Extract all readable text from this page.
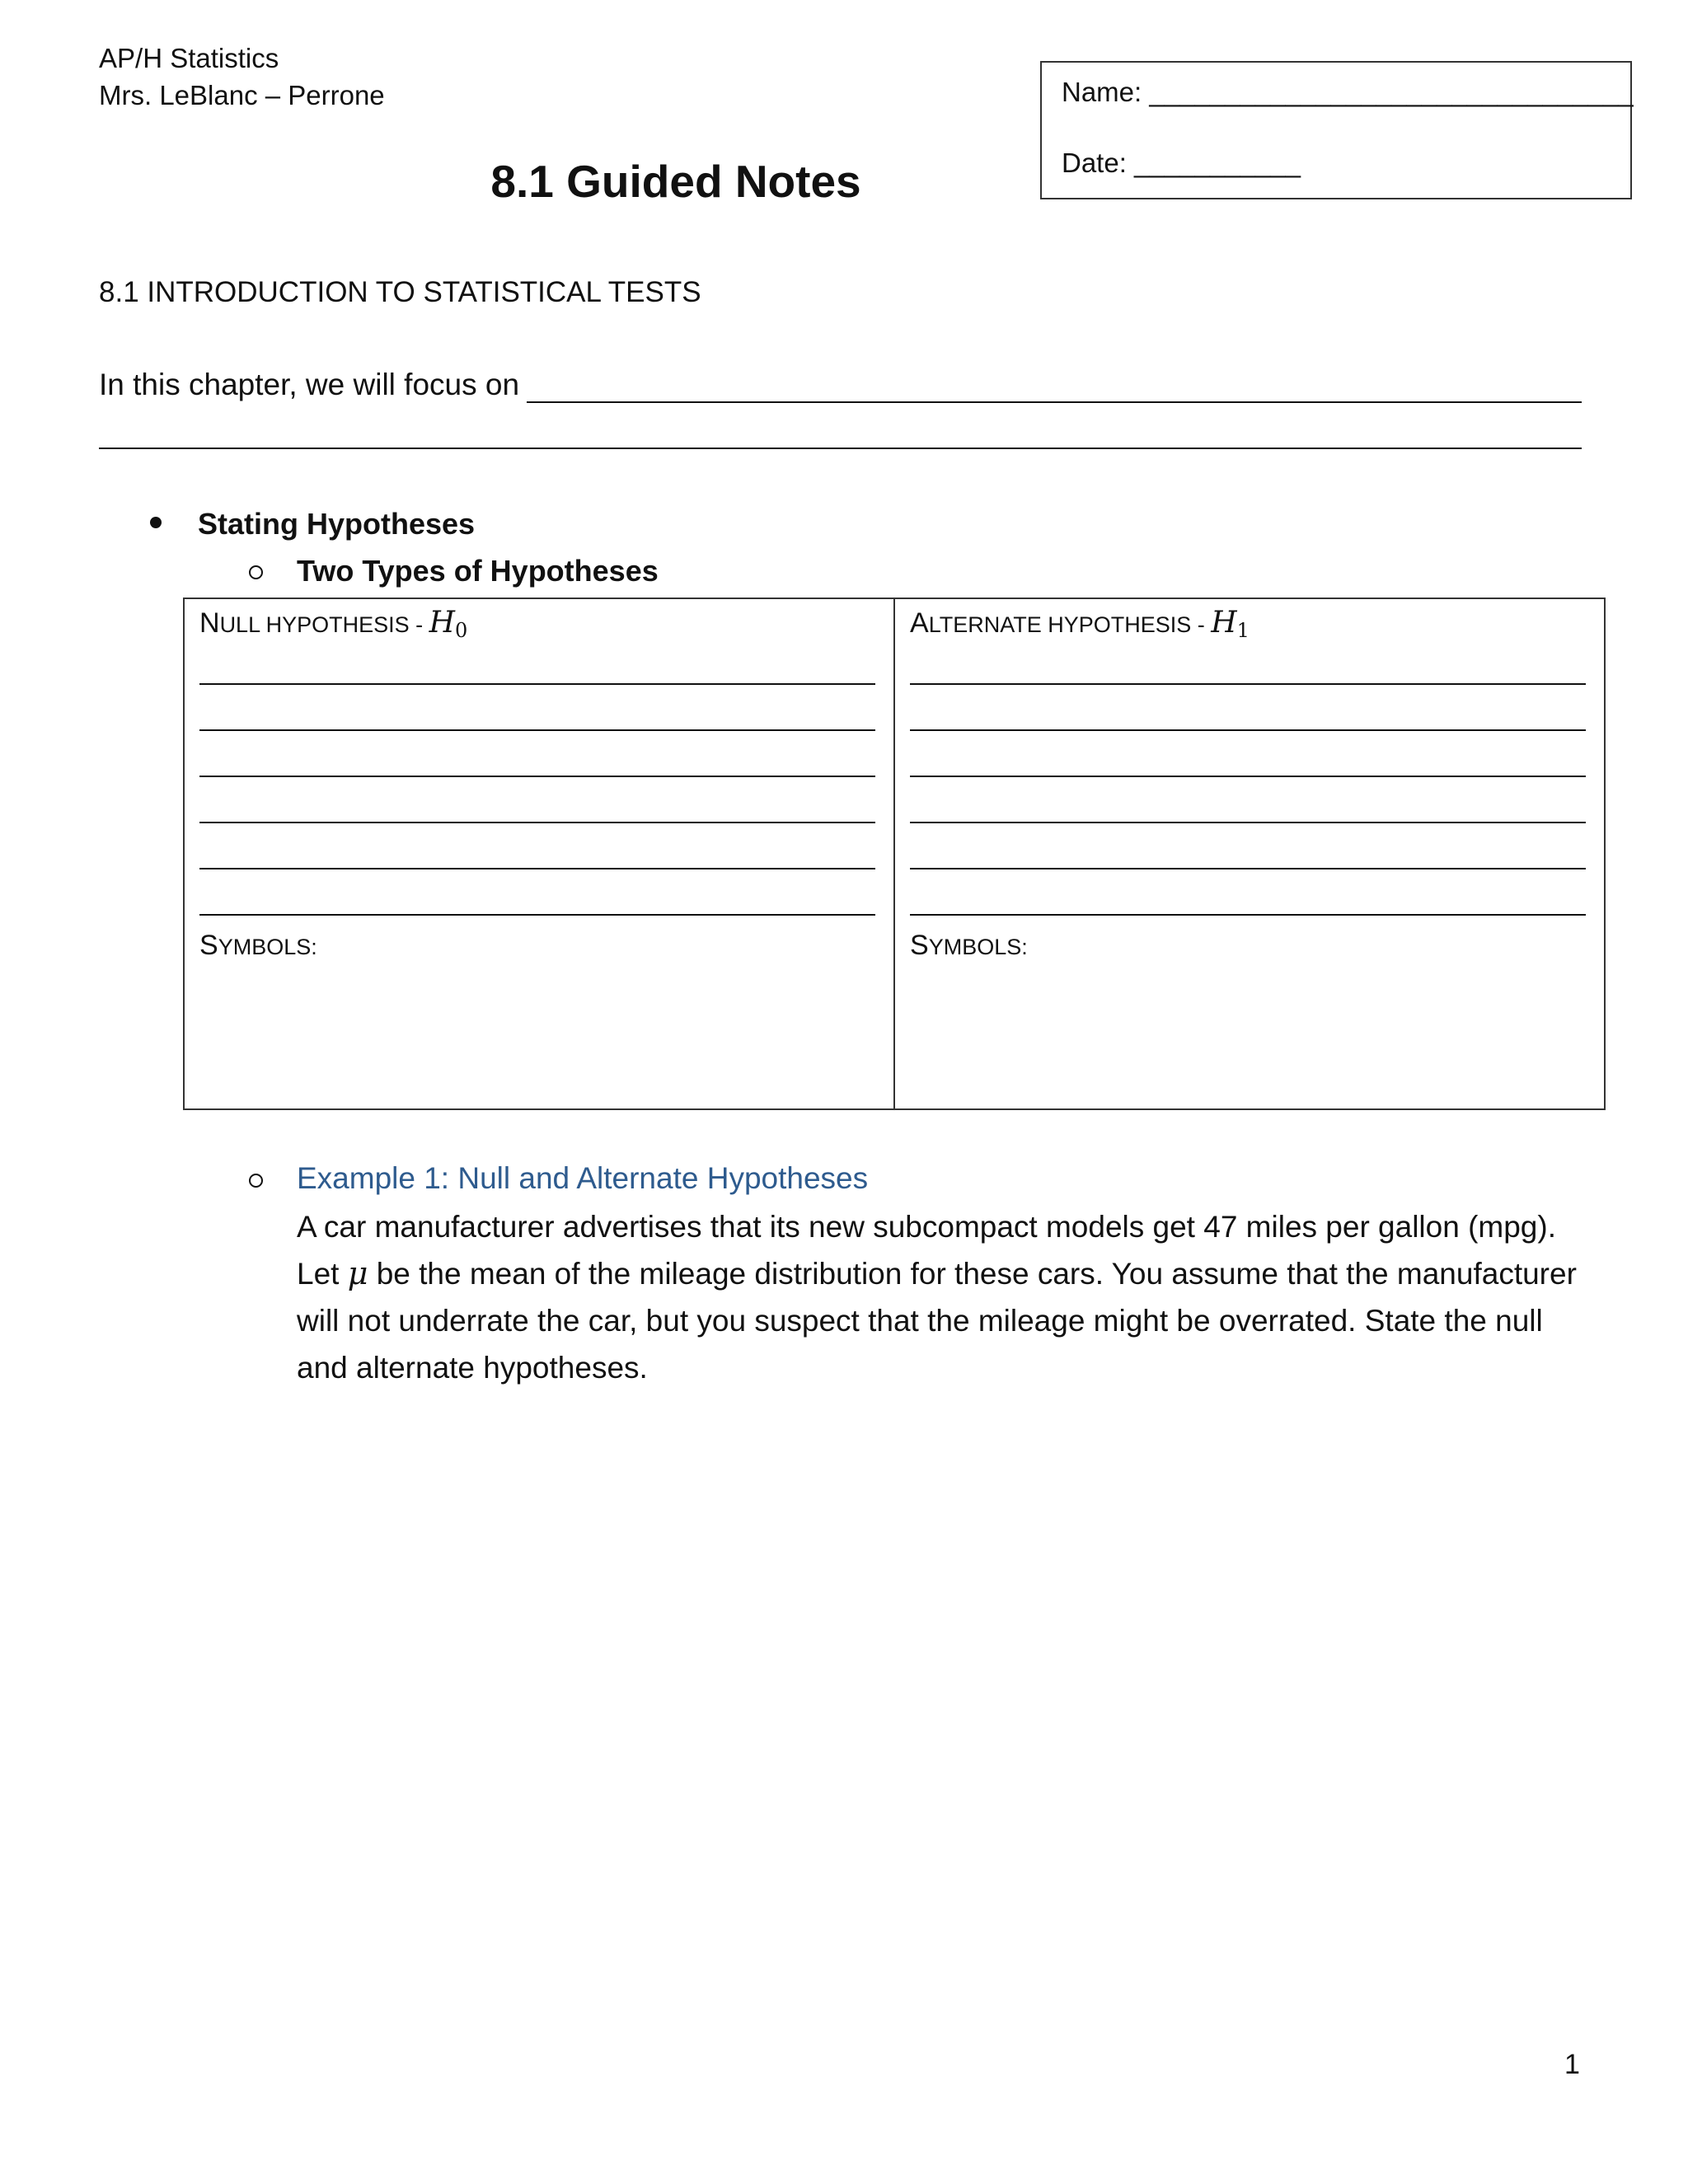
AP/H Statistics
Mrs. LeBlanc – Perrone	Name: ________________________________
Date: ___________
8.1 Guided Notes
8.1 INTRODUCTION TO STATISTICAL TESTS
In this chapter, we will focus on
Stating Hypotheses
Two Types of Hypotheses
NULL HYPOTHESIS - $H_0$
SYMBOLS:
ALTERNATE HYPOTHESIS - $H_1$
SYMBOLS:
Example 1: Null and Alternate Hypotheses
A car manufacturer advertises that its new subcompact models get 47 miles per gallon (mpg).
Let μ be the mean of the mileage distribution for these cars. You assume that the manufacturer
will not underrate the car, but you suspect that the mileage might be overrated. State the null
and alternate hypotheses.
1
